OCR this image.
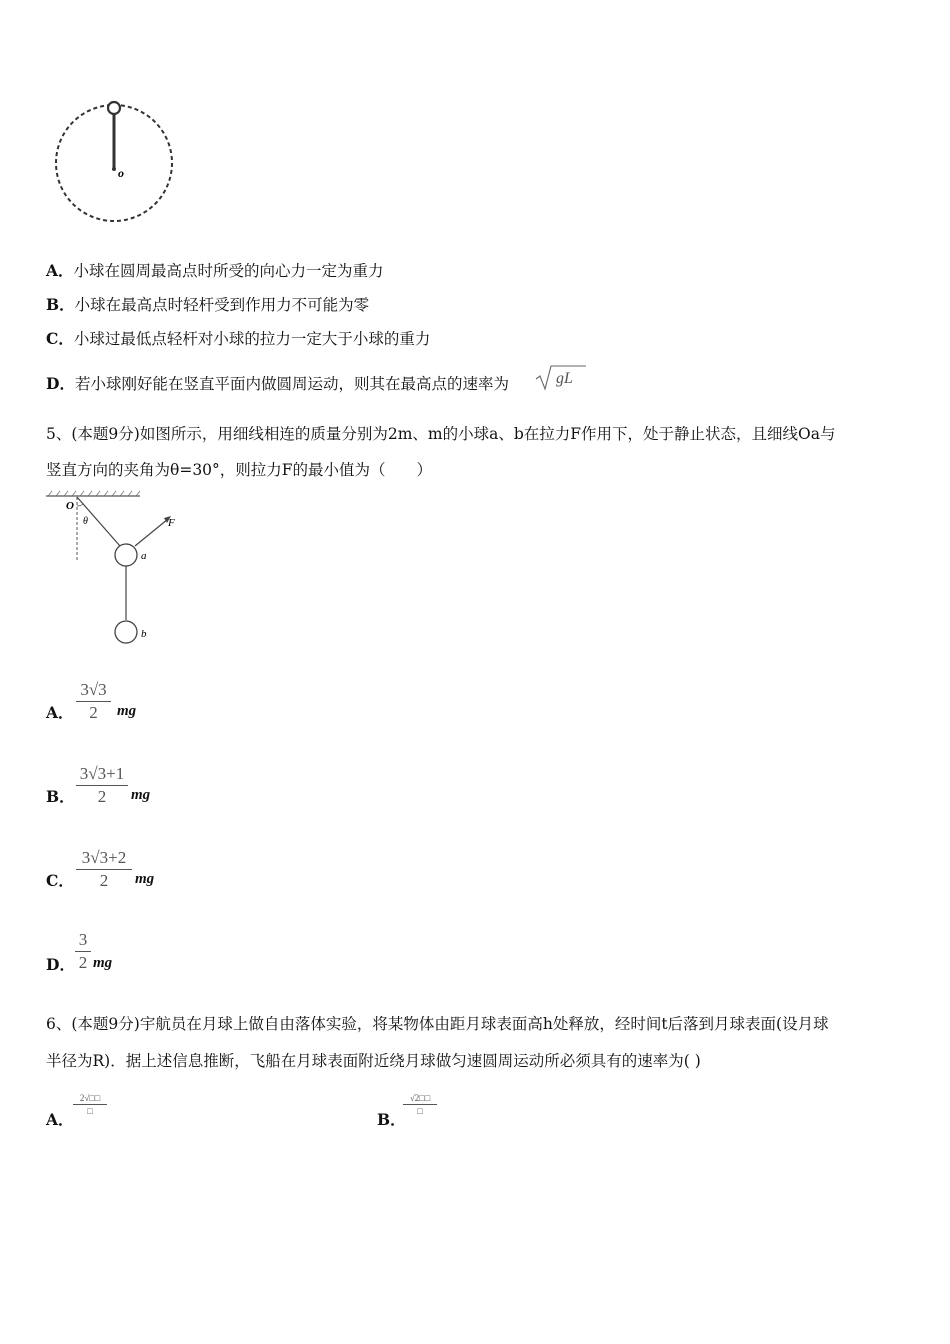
o
A．小球在圆周最高点时所受的向心力一定为重力
B．小球在最高点时轻杆受到作用力不可能为零
C．小球过最低点轻杆对小球的拉力一定大于小球的重力
D．若小球刚好能在竖直平面内做圆周运动，则其在最高点的速率为	gL
5、(本题9分)如图所示，用细线相连的质量分别为2m、m的小球a、b在拉力F作用下，处于静止状态，且细线Oa与
竖直方向的夹角为θ=30°，则拉力F的最小值为（　　）
O
θ	F
a
b
A．
3√3
2	mg
B．
3√3+1
2	mg
C．
3√3+2
2	mg
D．
3
2 mg
6、(本题9分)宇航员在月球上做自由落体实验，将某物体由距月球表面高h处释放，经时间t后落到月球表面(设月球
半径为R)．据上述信息推断，飞船在月球表面附近绕月球做匀速圆周运动所必须具有的速率为( )
A．
2√□□
□	B．
√2□□
□
